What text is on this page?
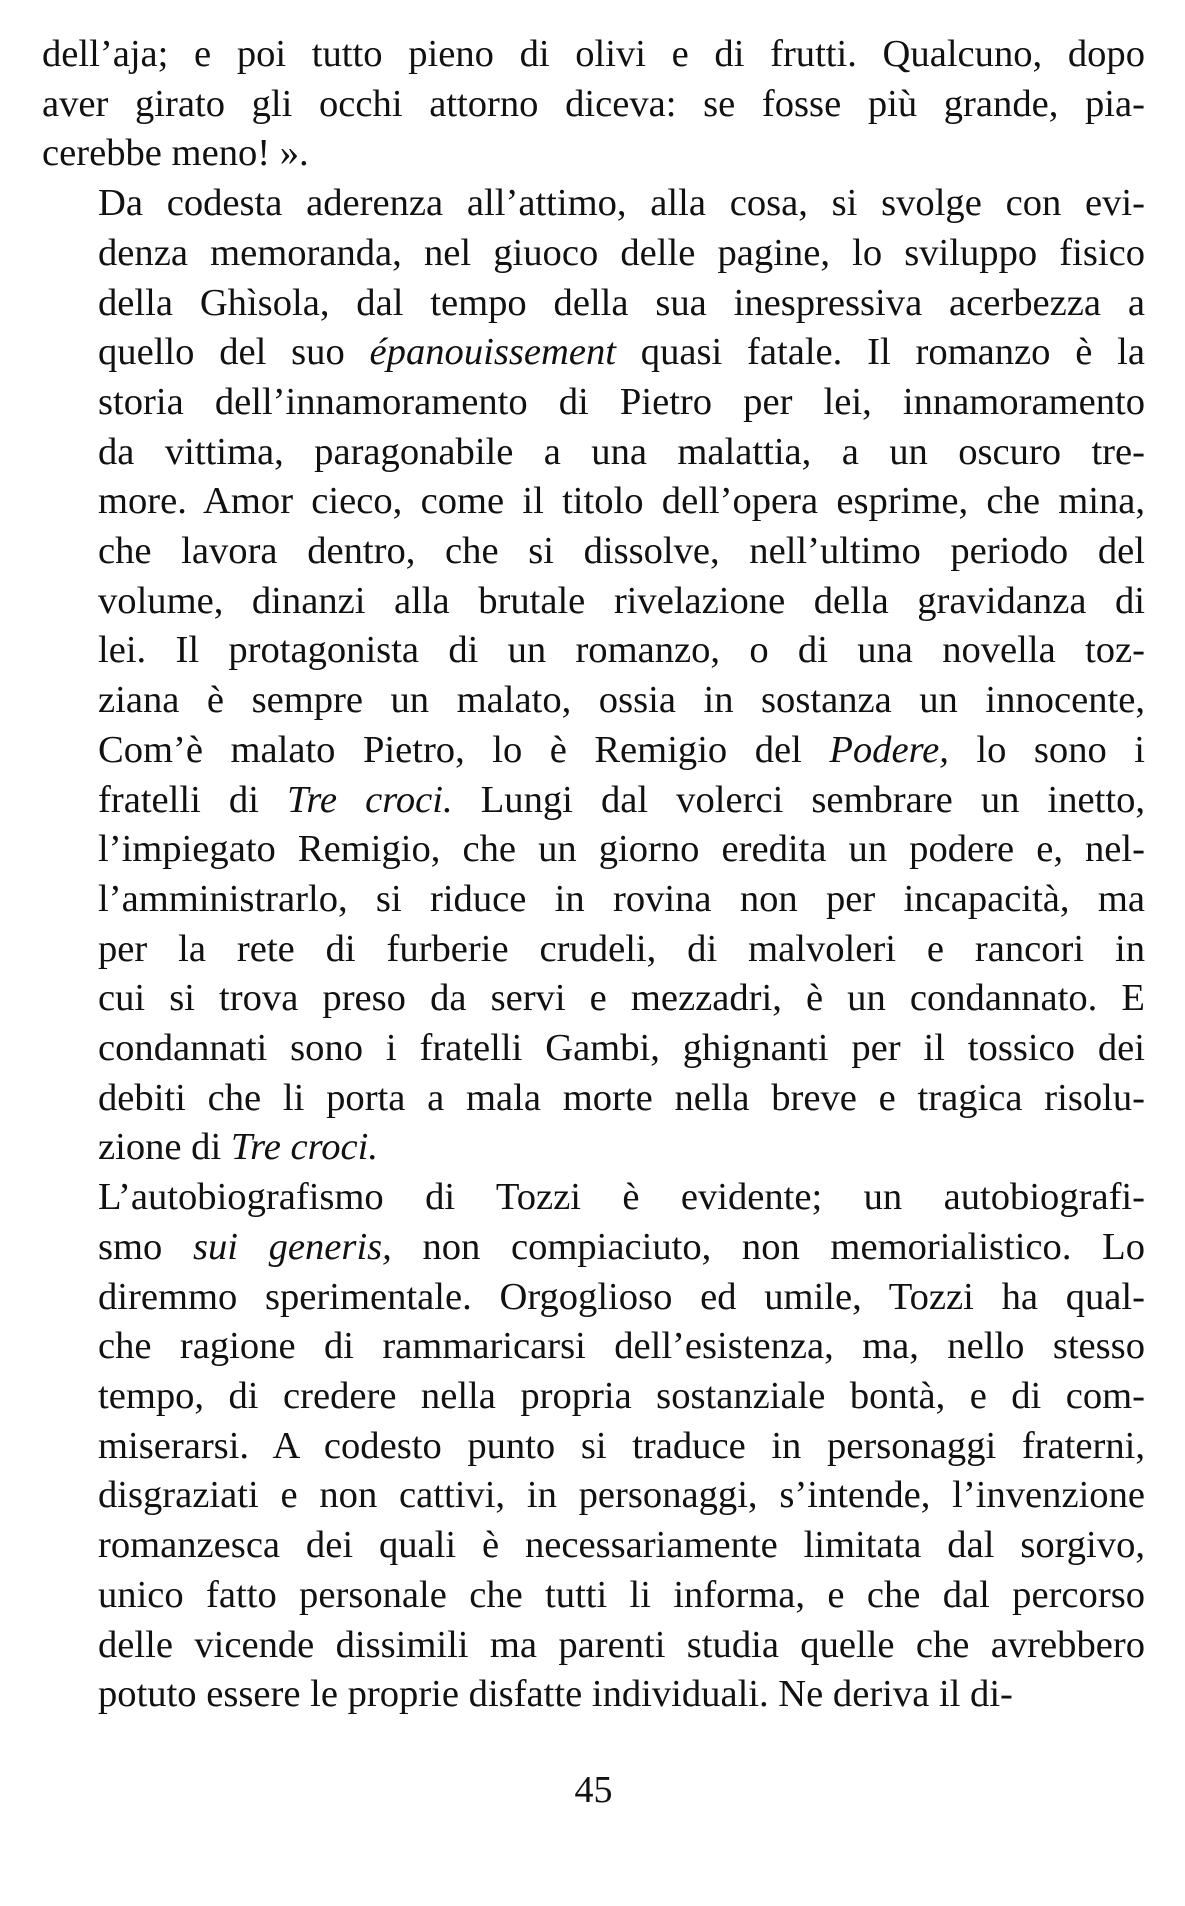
dell’aja; e poi tutto pieno di olivi e di frutti. Qualcuno, dopo
aver girato gli occhi attorno diceva: se fosse più grande, pia-
cerebbe meno! ».

Da codesta aderenza all’attimo, alla cosa, si svolge con evi-
denza memoranda, nel giuoco delle pagine, lo sviluppo fisico
della Ghìsola, dal tempo della sua inespressiva acerbezza a
quello del suo épanouissement quasi fatale. Il romanzo è la
storia dell’innamoramento di Pietro per lei, innamoramento
da vittima, paragonabile a una malattia, a un oscuro tre-
more. Amor cieco, come il titolo dell’opera esprime, che mina,
che lavora dentro, che si dissolve, nell’ultimo periodo del
volume, dinanzi alla brutale rivelazione della gravidanza di
lei. Il protagonista di un romanzo, o di una novella toz-
ziana è sempre un malato, ossia in sostanza un innocente,
Com’è malato Pietro, lo è Remigio del Podere, lo sono i
fratelli di Tre croci. Lungi dal volerci sembrare un inetto,
l’impiegato Remigio, che un giorno eredita un podere e, nel-
l’amministrarlo, si riduce in rovina non per incapacità, ma
per la rete di furberie crudeli, di malvoleri e rancori in
cui si trova preso da servi e mezzadri, è un condannato. E
condannati sono i fratelli Gambi, ghignanti per il tossico dei
debiti che li porta a mala morte nella breve e tragica risolu-
zione di Tre croci.

L’autobiografismo di Tozzi è evidente; un autobiografi-
smo sui generis, non compiaciuto, non memorialistico. Lo
diremmo sperimentale. Orgoglioso ed umile, Tozzi ha qual-
che ragione di rammaricarsi dell’esistenza, ma, nello stesso
tempo, di credere nella propria sostanziale bontà, e di com-
miserarsi. A codesto punto si traduce in personaggi fraterni,
disgraziati e non cattivi, in personaggi, s’intende, l’invenzione
romanzesca dei quali è necessariamente limitata dal sorgivo,
unico fatto personale che tutti li informa, e che dal percorso
delle vicende dissimili ma parenti studia quelle che avrebbero
potuto essere le proprie disfatte individuali. Ne deriva il di-

45
